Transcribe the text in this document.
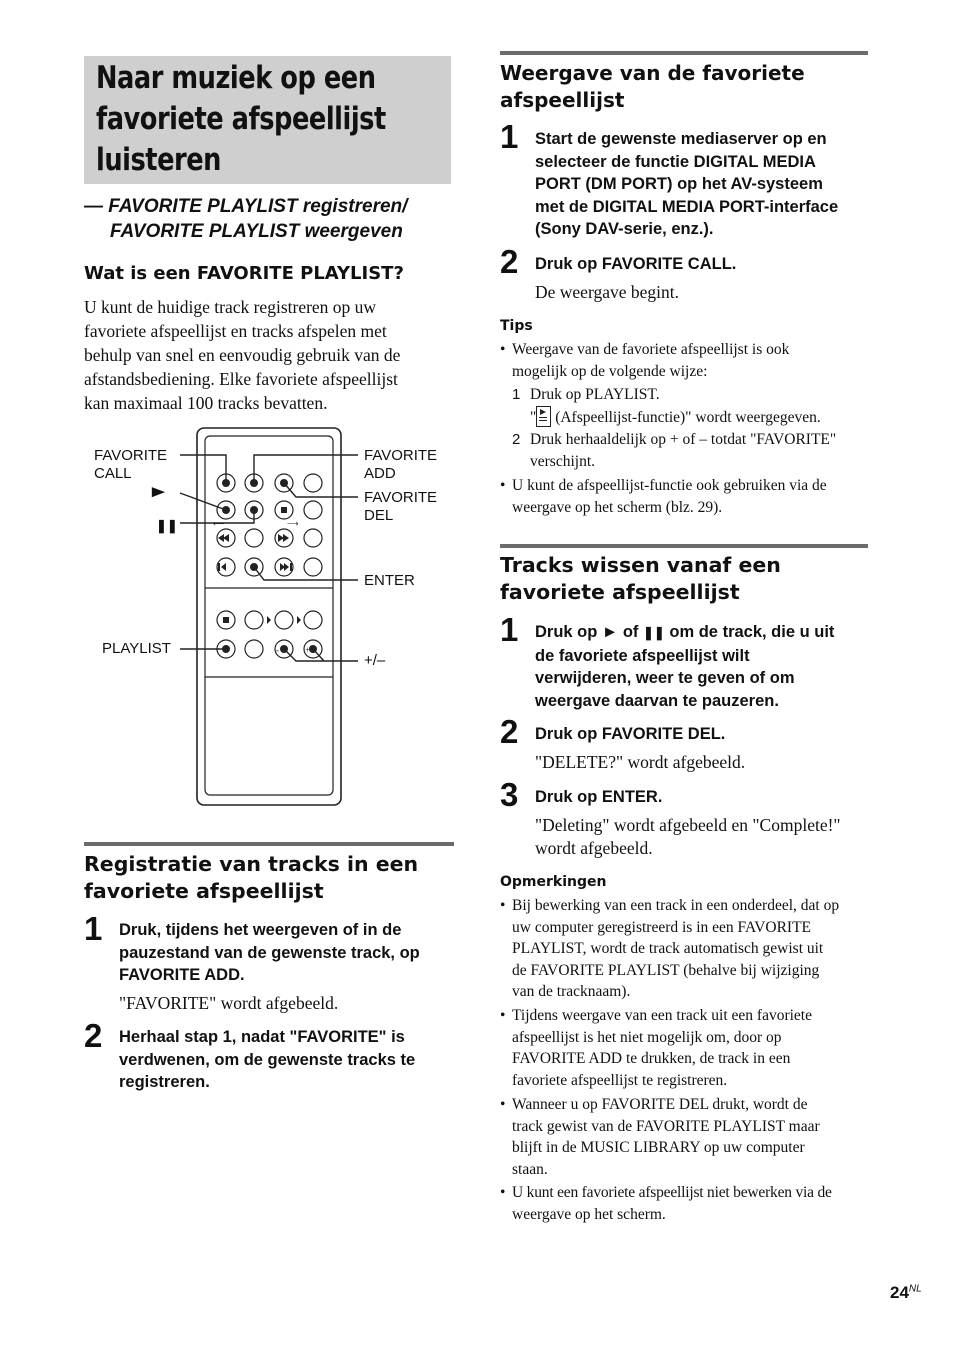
Naar muziek op een
favoriete afspeellijst
luisteren
— FAVORITE PLAYLIST registreren/
FAVORITE PLAYLIST weergeven
Wat is een FAVORITE PLAYLIST?
U kunt de huidige track registreren op uw
favoriete afspeellijst en tracks afspelen met
behulp van snel en eenvoudig gebruik van de
afstandsbediening. Elke favoriete afspeellijst
kan maximaal 100 tracks bevatten.
⟵	⟶
-	+
FAVORITE
CALL
►
❚❚
PLAYLIST
FAVORITE
ADD
FAVORITE
DEL
ENTER
+/–
Registratie van tracks in een
favoriete afspeellijst
1 Druk, tijdens het weergeven of in de
pauzestand van de gewenste track, op
FAVORITE ADD.
"FAVORITE" wordt afgebeeld.
2 Herhaal stap 1, nadat "FAVORITE" is
verdwenen, om de gewenste tracks te
registreren.
Weergave van de favoriete
afspeellijst
1 Start de gewenste mediaserver op en
selecteer de functie DIGITAL MEDIA
PORT (DM PORT) op het AV-systeem
met de DIGITAL MEDIA PORT-interface
(Sony DAV-serie, enz.).
2 Druk op FAVORITE CALL.
De weergave begint.
Tips
• Weergave van de favoriete afspeellijst is ook
mogelijk op de volgende wijze:
1 Druk op PLAYLIST.
"
(Afspeellijst-functie)" wordt weergegeven.
2 Druk herhaaldelijk op + of – totdat "FAVORITE"
verschijnt.
• U kunt de afspeellijst-functie ook gebruiken via de
weergave op het scherm (blz. 29).
Tracks wissen vanaf een
favoriete afspeellijst
1 Druk op ► of ❚❚ om de track, die u uit
de favoriete afspeellijst wilt
verwijderen, weer te geven of om
weergave daarvan te pauzeren.
2 Druk op FAVORITE DEL.
"DELETE?" wordt afgebeeld.
3 Druk op ENTER.
"Deleting" wordt afgebeeld en "Complete!"
wordt afgebeeld.
Opmerkingen
• Bij bewerking van een track in een onderdeel, dat op
uw computer geregistreerd is in een FAVORITE
PLAYLIST, wordt de track automatisch gewist uit
de FAVORITE PLAYLIST (behalve bij wijziging
van de tracknaam).
• Tijdens weergave van een track uit een favoriete
afspeellijst is het niet mogelijk om, door op
FAVORITE ADD te drukken, de track in een
favoriete afspeellijst te registreren.
• Wanneer u op FAVORITE DEL drukt, wordt de
track gewist van de FAVORITE PLAYLIST maar
blijft in de MUSIC LIBRARY op uw computer
staan.
• U kunt een favoriete afspeellijst niet bewerken via de
weergave op het scherm.
$24^{NL}$
